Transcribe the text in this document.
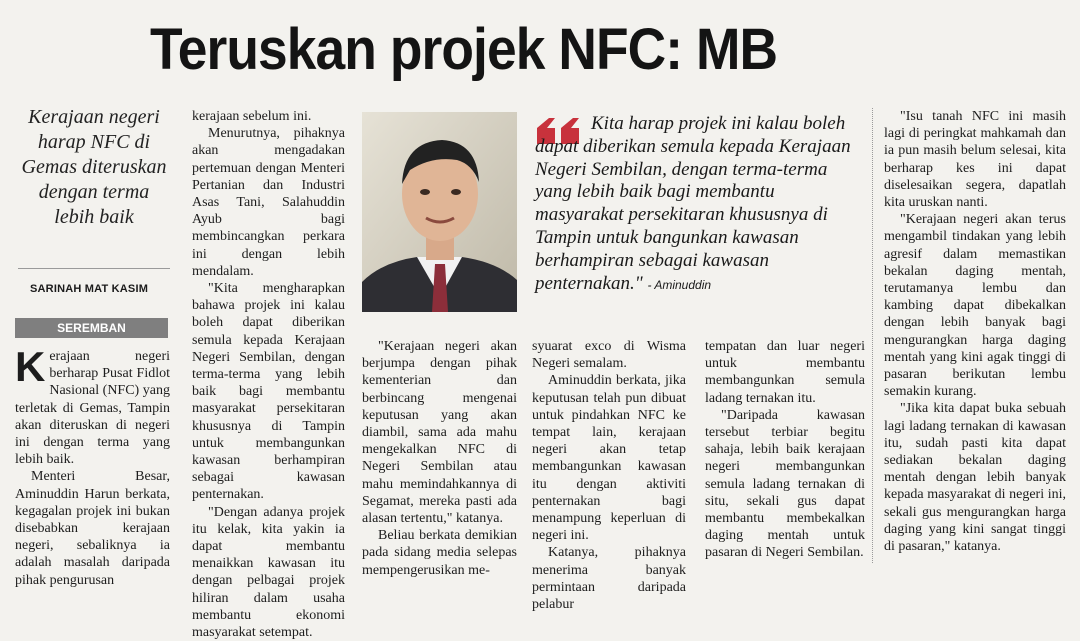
Teruskan projek NFC: MB

Kerajaan negeri harap NFC di Gemas diteruskan dengan terma lebih baik
SARINAH MAT KASIM
SEREMBAN

Kerajaan negeri berharap Pusat Fidlot Nasional (NFC) yang terletak di Gemas, Tampin akan diteruskan di negeri ini dengan terma yang lebih baik.

Menteri Besar, Aminuddin Harun berkata, kegagalan projek ini bukan disebabkan kerajaan negeri, sebaliknya ia adalah masalah daripada pihak pengurusan

kerajaan sebelum ini.

Menurutnya, pihaknya akan mengadakan pertemuan dengan Menteri Pertanian dan Industri Asas Tani, Salahuddin Ayub bagi membincangkan perkara ini dengan lebih mendalam.

"Kita mengharapkan bahawa projek ini kalau boleh dapat diberikan semula kepada Kerajaan Negeri Sembilan, dengan terma-terma yang lebih baik bagi membantu masyarakat persekitaran khususnya di Tampin untuk membangunkan kawasan berhampiran sebagai kawasan penternakan.

"Dengan adanya projek itu kelak, kita yakin ia dapat membantu menaikkan kawasan itu dengan pelbagai projek hiliran dalam usaha membantu ekonomi masyarakat setempat.

"Kerajaan negeri akan berjumpa dengan pihak kementerian dan berbincang mengenai keputusan yang akan diambil, sama ada mahu mengekalkan NFC di Negeri Sembilan atau mahu memindahkannya di Segamat, mereka pasti ada alasan tertentu," katanya.

Beliau berkata demikian pada sidang media selepas mempengerusikan me-

Kita harap projek ini kalau boleh dapat diberikan semula kepada Kerajaan Negeri Sembilan, dengan terma-terma yang lebih baik bagi membantu masyarakat persekitaran khususnya di Tampin untuk bangunkan kawasan berhampiran sebagai kawasan penternakan." - Aminuddin

syuarat exco di Wisma Negeri semalam.

Aminuddin berkata, jika keputusan telah pun dibuat untuk pindahkan NFC ke tempat lain, kerajaan negeri akan tetap membangunkan kawasan itu dengan aktiviti penternakan bagi menampung keperluan di negeri ini.

Katanya, pihaknya menerima banyak permintaan daripada pelabur

tempatan dan luar negeri untuk membantu membangunkan semula ladang ternakan itu.

"Daripada kawasan tersebut terbiar begitu sahaja, lebih baik kerajaan negeri membangunkan semula ladang ternakan di situ, sekali gus dapat membantu membekalkan daging mentah untuk pasaran di Negeri Sembilan.

"Isu tanah NFC ini masih lagi di peringkat mahkamah dan ia pun masih belum selesai, kita berharap kes ini dapat diselesaikan segera, dapatlah kita uruskan nanti.

"Kerajaan negeri akan terus mengambil tindakan yang lebih agresif dalam memastikan bekalan daging mentah, terutamanya lembu dan kambing dapat dibekalkan dengan lebih banyak bagi mengurangkan harga daging mentah yang kini agak tinggi di pasaran berikutan lembu semakin kurang.

"Jika kita dapat buka sebuah lagi ladang ternakan di kawasan itu, sudah pasti kita dapat sediakan bekalan daging mentah dengan lebih banyak kepada masyarakat di negeri ini, sekali gus mengurangkan harga daging yang kini sangat tinggi di pasaran," katanya.
